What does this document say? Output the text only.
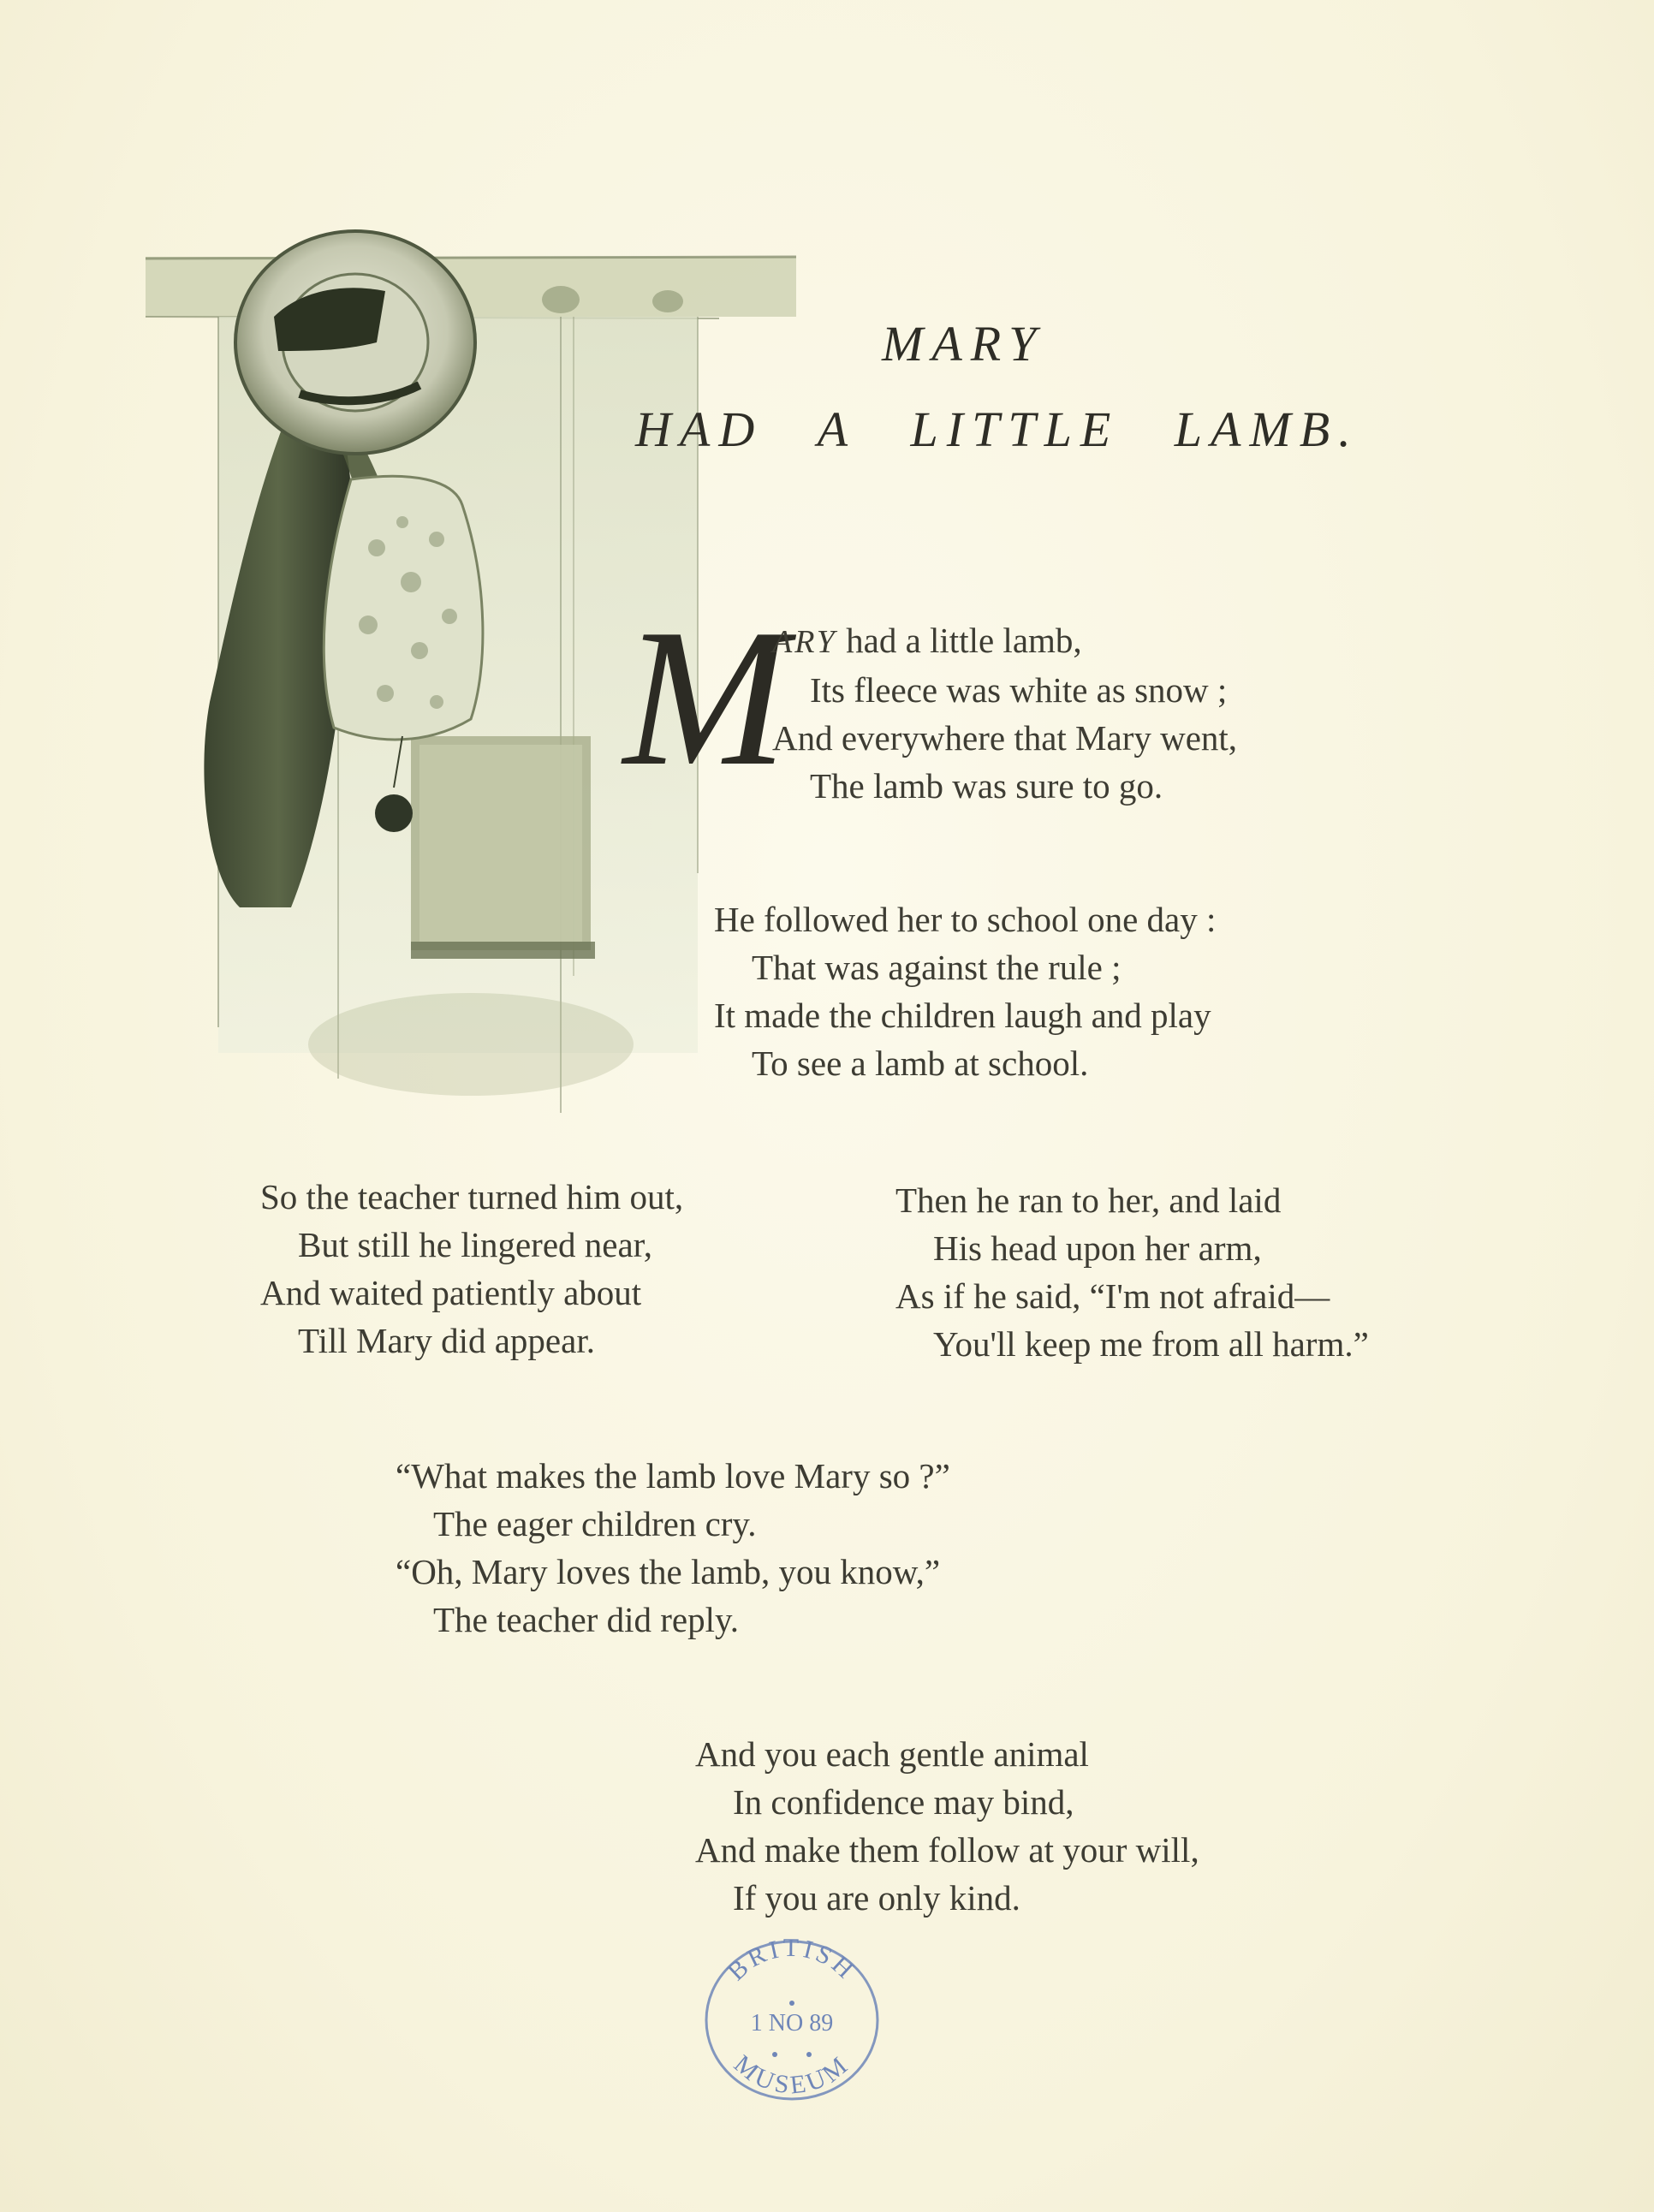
MARY
HAD A LITTLE LAMB.
M
ARY had a little lamb,
Its fleece was white as snow ;
And everywhere that Mary went,
The lamb was sure to go.
He followed her to school one day :
That was against the rule ;
It made the children laugh and play
To see a lamb at school.
So the teacher turned him out,
But still he lingered near,
And waited patiently about
Till Mary did appear.
Then he ran to her, and laid
His head upon her arm,
As if he said, “I'm not afraid—
You'll keep me from all harm.”
“What makes the lamb love Mary so ?”
The eager children cry.
“Oh, Mary loves the lamb, you know,”
The teacher did reply.
And you each gentle animal
In confidence may bind,
And make them follow at your will,
If you are only kind.
BRITISH
1 NO 89
MUSEUM
